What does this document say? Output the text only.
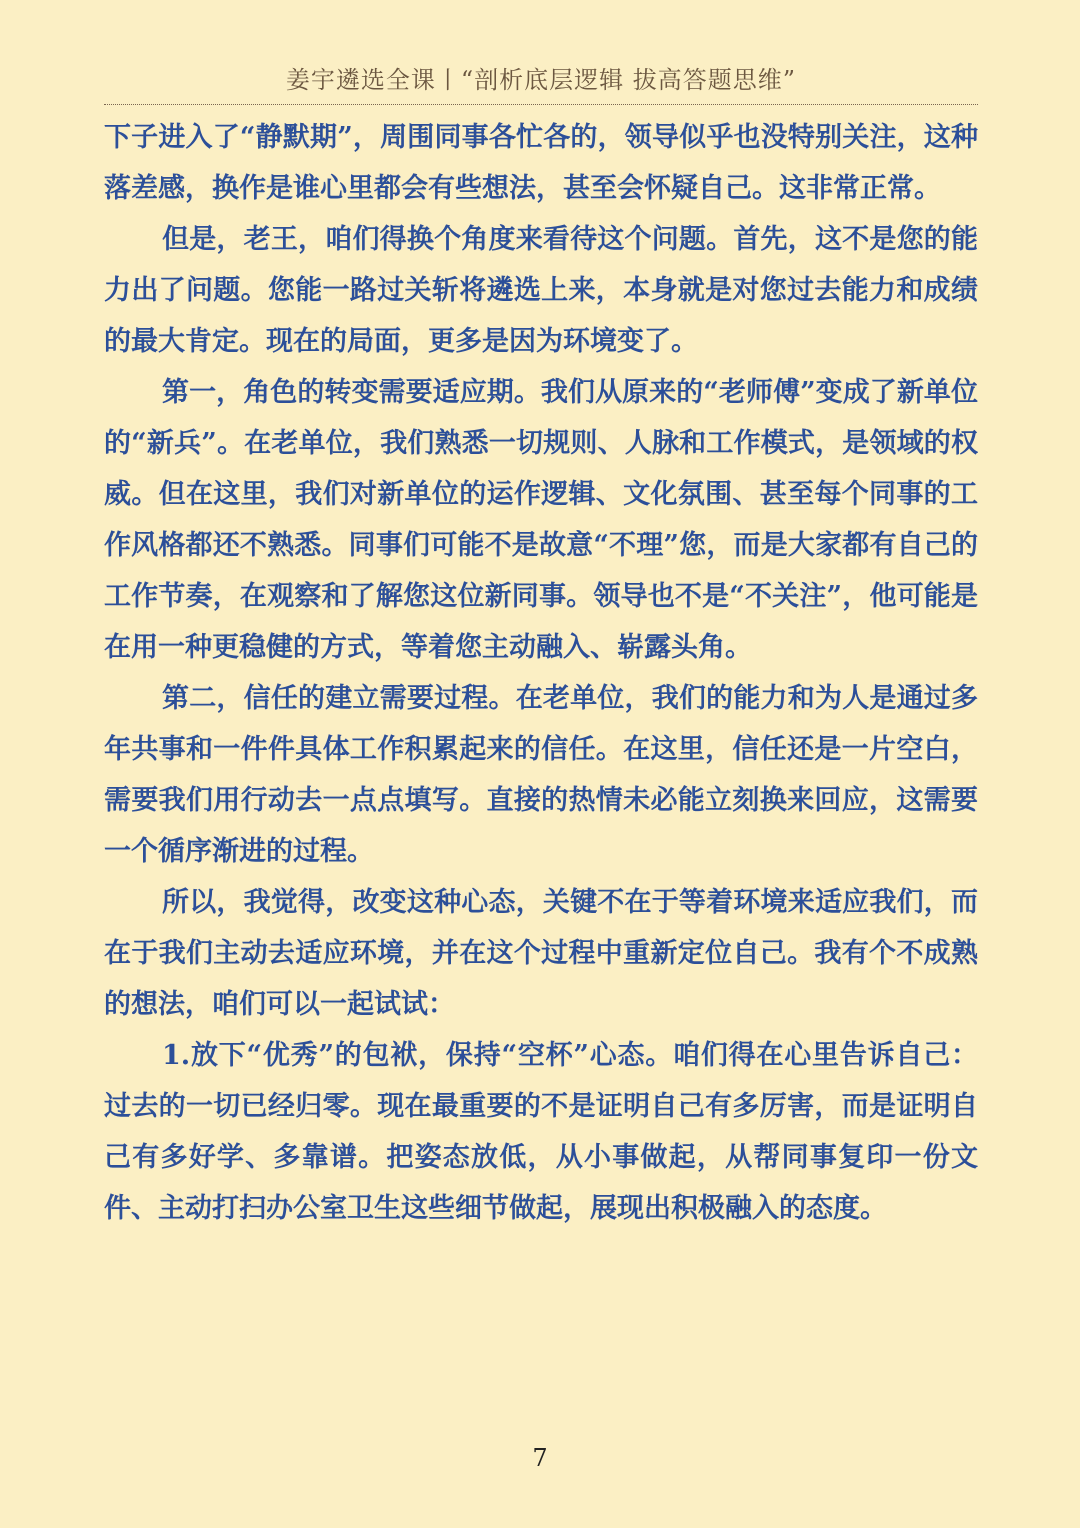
姜宇遴选全课丨“剖析底层逻辑 拔高答题思维”

下子进入了“静默期”，周围同事各忙各的，领导似乎也没特别关注，这种落差感，换作是谁心里都会有些想法，甚至会怀疑自己。这非常正常。

但是，老王，咱们得换个角度来看待这个问题。首先，这不是您的能力出了问题。您能一路过关斩将遴选上来，本身就是对您过去能力和成绩的最大肯定。现在的局面，更多是因为环境变了。

第一，角色的转变需要适应期。我们从原来的“老师傅”变成了新单位的“新兵”。在老单位，我们熟悉一切规则、人脉和工作模式，是领域的权威。但在这里，我们对新单位的运作逻辑、文化氛围、甚至每个同事的工作风格都还不熟悉。同事们可能不是故意“不理”您，而是大家都有自己的工作节奏，在观察和了解您这位新同事。领导也不是“不关注”，他可能是在用一种更稳健的方式，等着您主动融入、崭露头角。

第二，信任的建立需要过程。在老单位，我们的能力和为人是通过多年共事和一件件具体工作积累起来的信任。在这里，信任还是一片空白，需要我们用行动去一点点填写。直接的热情未必能立刻换来回应，这需要一个循序渐进的过程。

所以，我觉得，改变这种心态，关键不在于等着环境来适应我们，而在于我们主动去适应环境，并在这个过程中重新定位自己。我有个不成熟的想法，咱们可以一起试试：

1.放下“优秀”的包袱，保持“空杯”心态。咱们得在心里告诉自己：过去的一切已经归零。现在最重要的不是证明自己有多厉害，而是证明自己有多好学、多靠谱。把姿态放低，从小事做起，从帮同事复印一份文件、主动打扫办公室卫生这些细节做起，展现出积极融入的态度。

7
